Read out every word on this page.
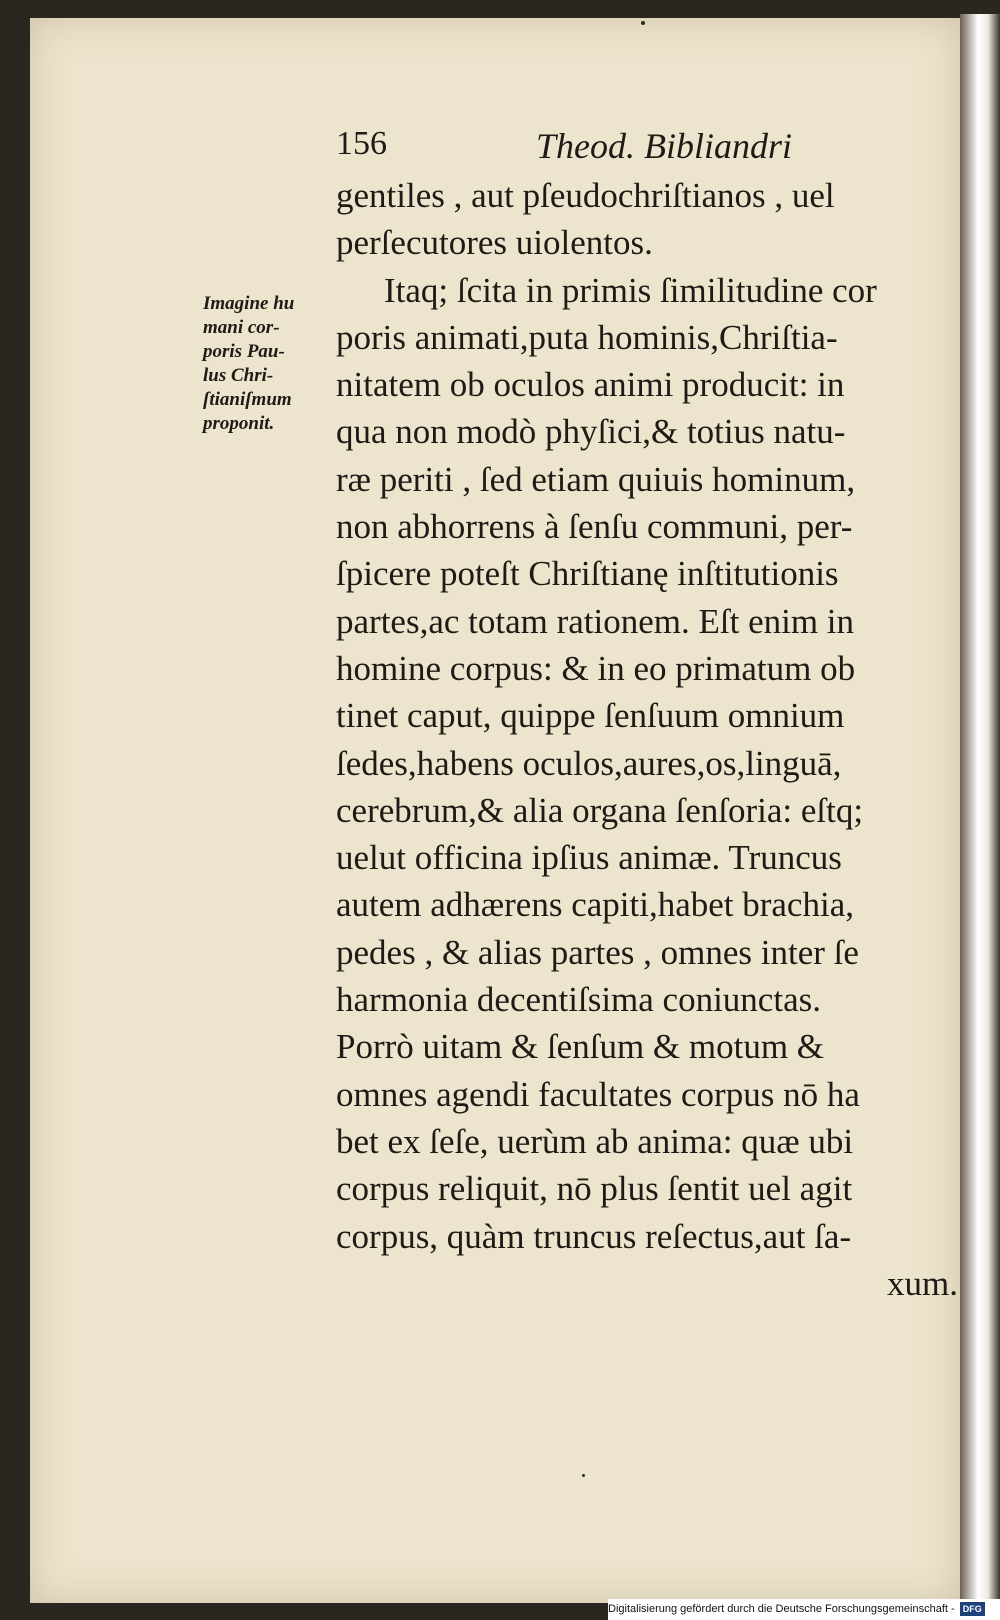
156	Theod. Bibliandri
Imagine hu
mani cor-
poris Pau-
lus Chri-
ſtianiſmum
proponit.
gentiles , aut pſeudochriſtianos , uel
perſecutores uiolentos.
Itaq; ſcita in primis ſimilitudine cor
poris animati,puta hominis,Chriſtia-
nitatem ob oculos animi producit: in
qua non modò phyſici,& totius natu-
ræ periti , ſed etiam quiuis hominum,
non abhorrens à ſenſu communi, per-
ſpicere poteſt Chriſtianę inſtitutionis
partes,ac totam rationem. Eſt enim in
homine corpus: & in eo primatum ob
tinet caput, quippe ſenſuum omnium
ſedes,habens oculos,aures,os,linguā,
cerebrum,& alia organa ſenſoria: eſtq;
uelut officina ipſius animæ. Truncus
autem adhærens capiti,habet brachia,
pedes , & alias partes , omnes inter ſe
harmonia decentiſsima coniunctas.
Porrò uitam & ſenſum & motum &
omnes agendi facultates corpus nō ha
bet ex ſeſe, uerùm ab anima: quæ ubi
corpus reliquit, nō plus ſentit uel agit
corpus, quàm truncus reſectus,aut ſa-
xum.
Digitalisierung gefördert durch die Deutsche Forschungsgemeinschaft - DFG
